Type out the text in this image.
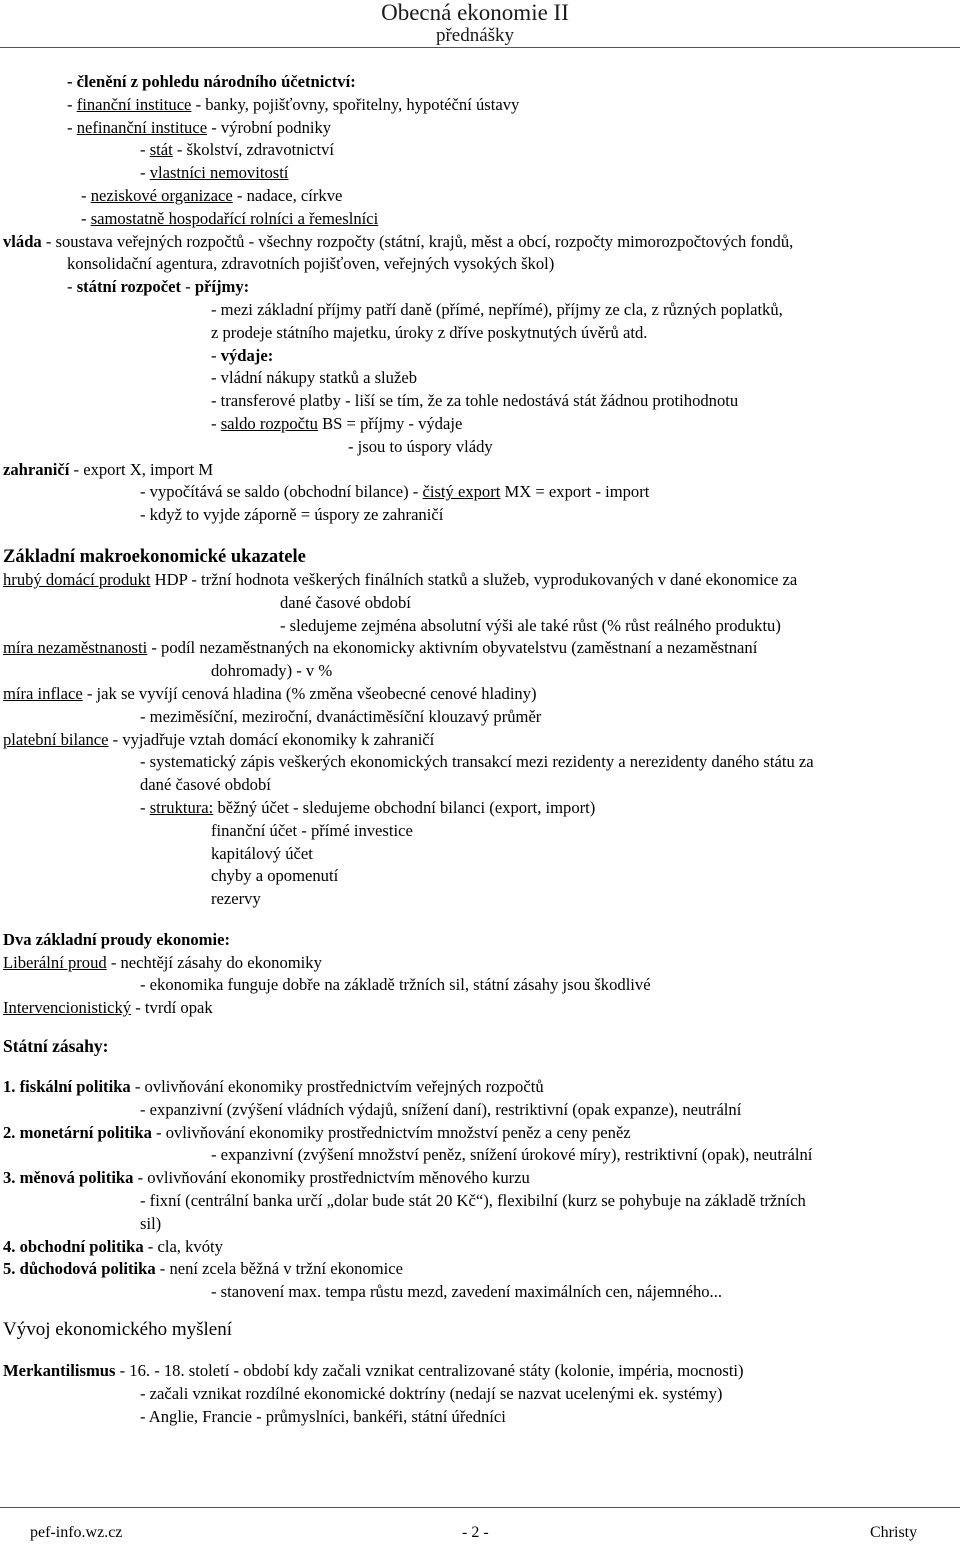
Obecná ekonomie II
přednášky
- členění z pohledu národního účetnictví:
- finanční instituce - banky, pojišťovny, spořitelny, hypotéční ústavy
- nefinanční instituce - výrobní podniky
- stát - školství, zdravotnictví
- vlastníci nemovitostí
- neziskové organizace - nadace, církve
- samostatně hospodařící rolníci a řemeslníci
vláda - soustava veřejných rozpočtů - všechny rozpočty (státní, krajů, měst a obcí, rozpočty mimorozpočtových fondů,
konsolidační agentura, zdravotních pojišťoven, veřejných vysokých škol)
- státní rozpočet - příjmy:
- mezi základní příjmy patří daně (přímé, nepřímé), příjmy ze cla, z různých poplatků,
z prodeje státního majetku, úroky z dříve poskytnutých úvěrů atd.
- výdaje:
- vládní nákupy statků a služeb
- transferové platby - liší se tím, že za tohle nedostává stát žádnou protihodnotu
- saldo rozpočtu BS = příjmy - výdaje
- jsou to úspory vlády
zahraničí - export X, import M
- vypočítává se saldo (obchodní bilance) - čistý export MX = export - import
- když to vyjde záporně = úspory ze zahraničí
Základní makroekonomické ukazatele
hrubý domácí produkt HDP - tržní hodnota veškerých finálních statků a služeb, vyprodukovaných v dané ekonomice za
dané časové období
- sledujeme zejména absolutní výši ale také růst (% růst reálného produktu)
míra nezaměstnanosti - podíl nezaměstnaných na ekonomicky aktivním obyvatelstvu (zaměstnaní a nezaměstnaní
dohromady) - v %
míra inflace - jak se vyvíjí cenová hladina (% změna všeobecné cenové hladiny)
- meziměsíční, meziroční, dvanáctiměsíční klouzavý průměr
platební bilance - vyjadřuje vztah domácí ekonomiky k zahraničí
- systematický zápis veškerých ekonomických transakcí mezi rezidenty a nerezidenty daného státu za
dané časové období
- struktura: běžný účet - sledujeme obchodní bilanci (export, import)
finanční účet - přímé investice
kapitálový účet
chyby a opomenutí
rezervy
Dva základní proudy ekonomie:
Liberální proud - nechtějí zásahy do ekonomiky
- ekonomika funguje dobře na základě tržních sil, státní zásahy jsou škodlivé
Intervencionistický - tvrdí opak
Státní zásahy:
1. fiskální politika - ovlivňování ekonomiky prostřednictvím veřejných rozpočtů
- expanzivní (zvýšení vládních výdajů, snížení daní), restriktivní (opak expanze), neutrální
2. monetární politika - ovlivňování ekonomiky prostřednictvím množství peněz a ceny peněz
- expanzivní (zvýšení množství peněz, snížení úrokové míry), restriktivní (opak), neutrální
3. měnová politika - ovlivňování ekonomiky prostřednictvím měnového kurzu
- fixní (centrální banka určí „dolar bude stát 20 Kč“), flexibilní (kurz se pohybuje na základě tržních
sil)
4. obchodní politika - cla, kvóty
5. důchodová politika - není zcela běžná v tržní ekonomice
- stanovení max. tempa růstu mezd, zavedení maximálních cen, nájemného...
Vývoj ekonomického myšlení
Merkantilismus - 16. - 18. století - období kdy začali vznikat centralizované státy (kolonie, impéria, mocnosti)
- začali vznikat rozdílné ekonomické doktríny (nedají se nazvat ucelenými ek. systémy)
- Anglie, Francie - průmyslníci, bankéři, státní úředníci
pef-info.wz.cz	- 2 -	Christy
